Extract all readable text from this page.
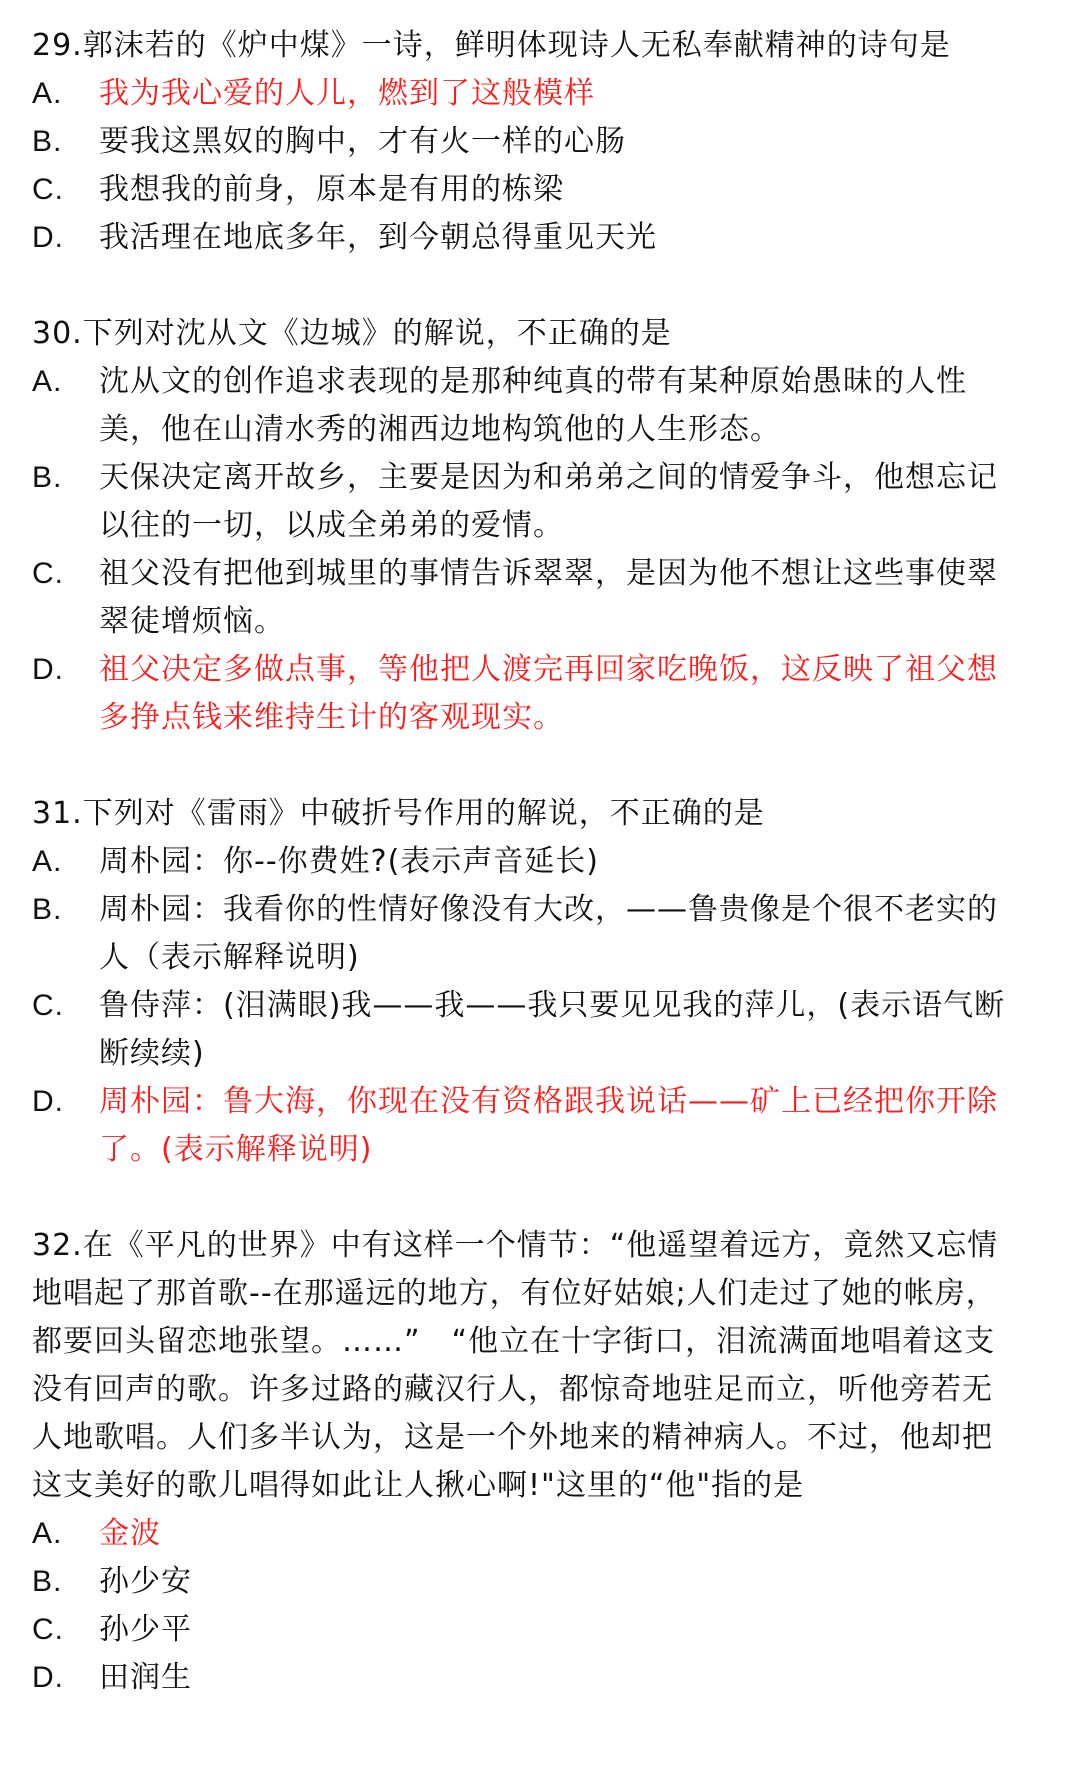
29.郭沫若的《炉中煤》一诗，鲜明体现诗人无私奉献精神的诗句是

A.	我为我心爱的人儿，燃到了这般模样
B.	要我这黑奴的胸中，才有火一样的心肠
C.	我想我的前身，原本是有用的栋梁
D.	我活理在地底多年，到今朝总得重见天光

30.下列对沈从文《边城》的解说，不正确的是

A.	沈从文的创作追求表现的是那种纯真的带有某种原始愚昧的人性美，他在山清水秀的湘西边地构筑他的人生形态。
B.	天保决定离开故乡，主要是因为和弟弟之间的情爱争斗，他想忘记以往的一切，以成全弟弟的爱情。
C.	祖父没有把他到城里的事情告诉翠翠，是因为他不想让这些事使翠翠徒增烦恼。
D.	祖父决定多做点事，等他把人渡完再回家吃晚饭，这反映了祖父想多挣点钱来维持生计的客观现实。

31.下列对《雷雨》中破折号作用的解说，不正确的是

A.	周朴园：你--你费姓?(表示声音延长)
B.	周朴园：我看你的性情好像没有大改，——鲁贵像是个很不老实的人（表示解释说明)
C.	鲁侍萍：(泪满眼)我——我——我只要见见我的萍儿，(表示语气断断续续)
D.	周朴园：鲁大海，你现在没有资格跟我说话——矿上已经把你开除了。(表示解释说明)

32.在《平凡的世界》中有这样一个情节：“他遥望着远方，竟然又忘情地唱起了那首歌--在那遥远的地方，有位好姑娘;人们走过了她的帐房，都要回头留恋地张望。……”　“他立在十字街口，泪流满面地唱着这支没有回声的歌。许多过路的藏汉行人，都惊奇地驻足而立，听他旁若无人地歌唱。人们多半认为，这是一个外地来的精神病人。不过，他却把这支美好的歌儿唱得如此让人揪心啊!"这里的“他"指的是

A.	金波
B.	孙少安
C.	孙少平
D.	田润生
